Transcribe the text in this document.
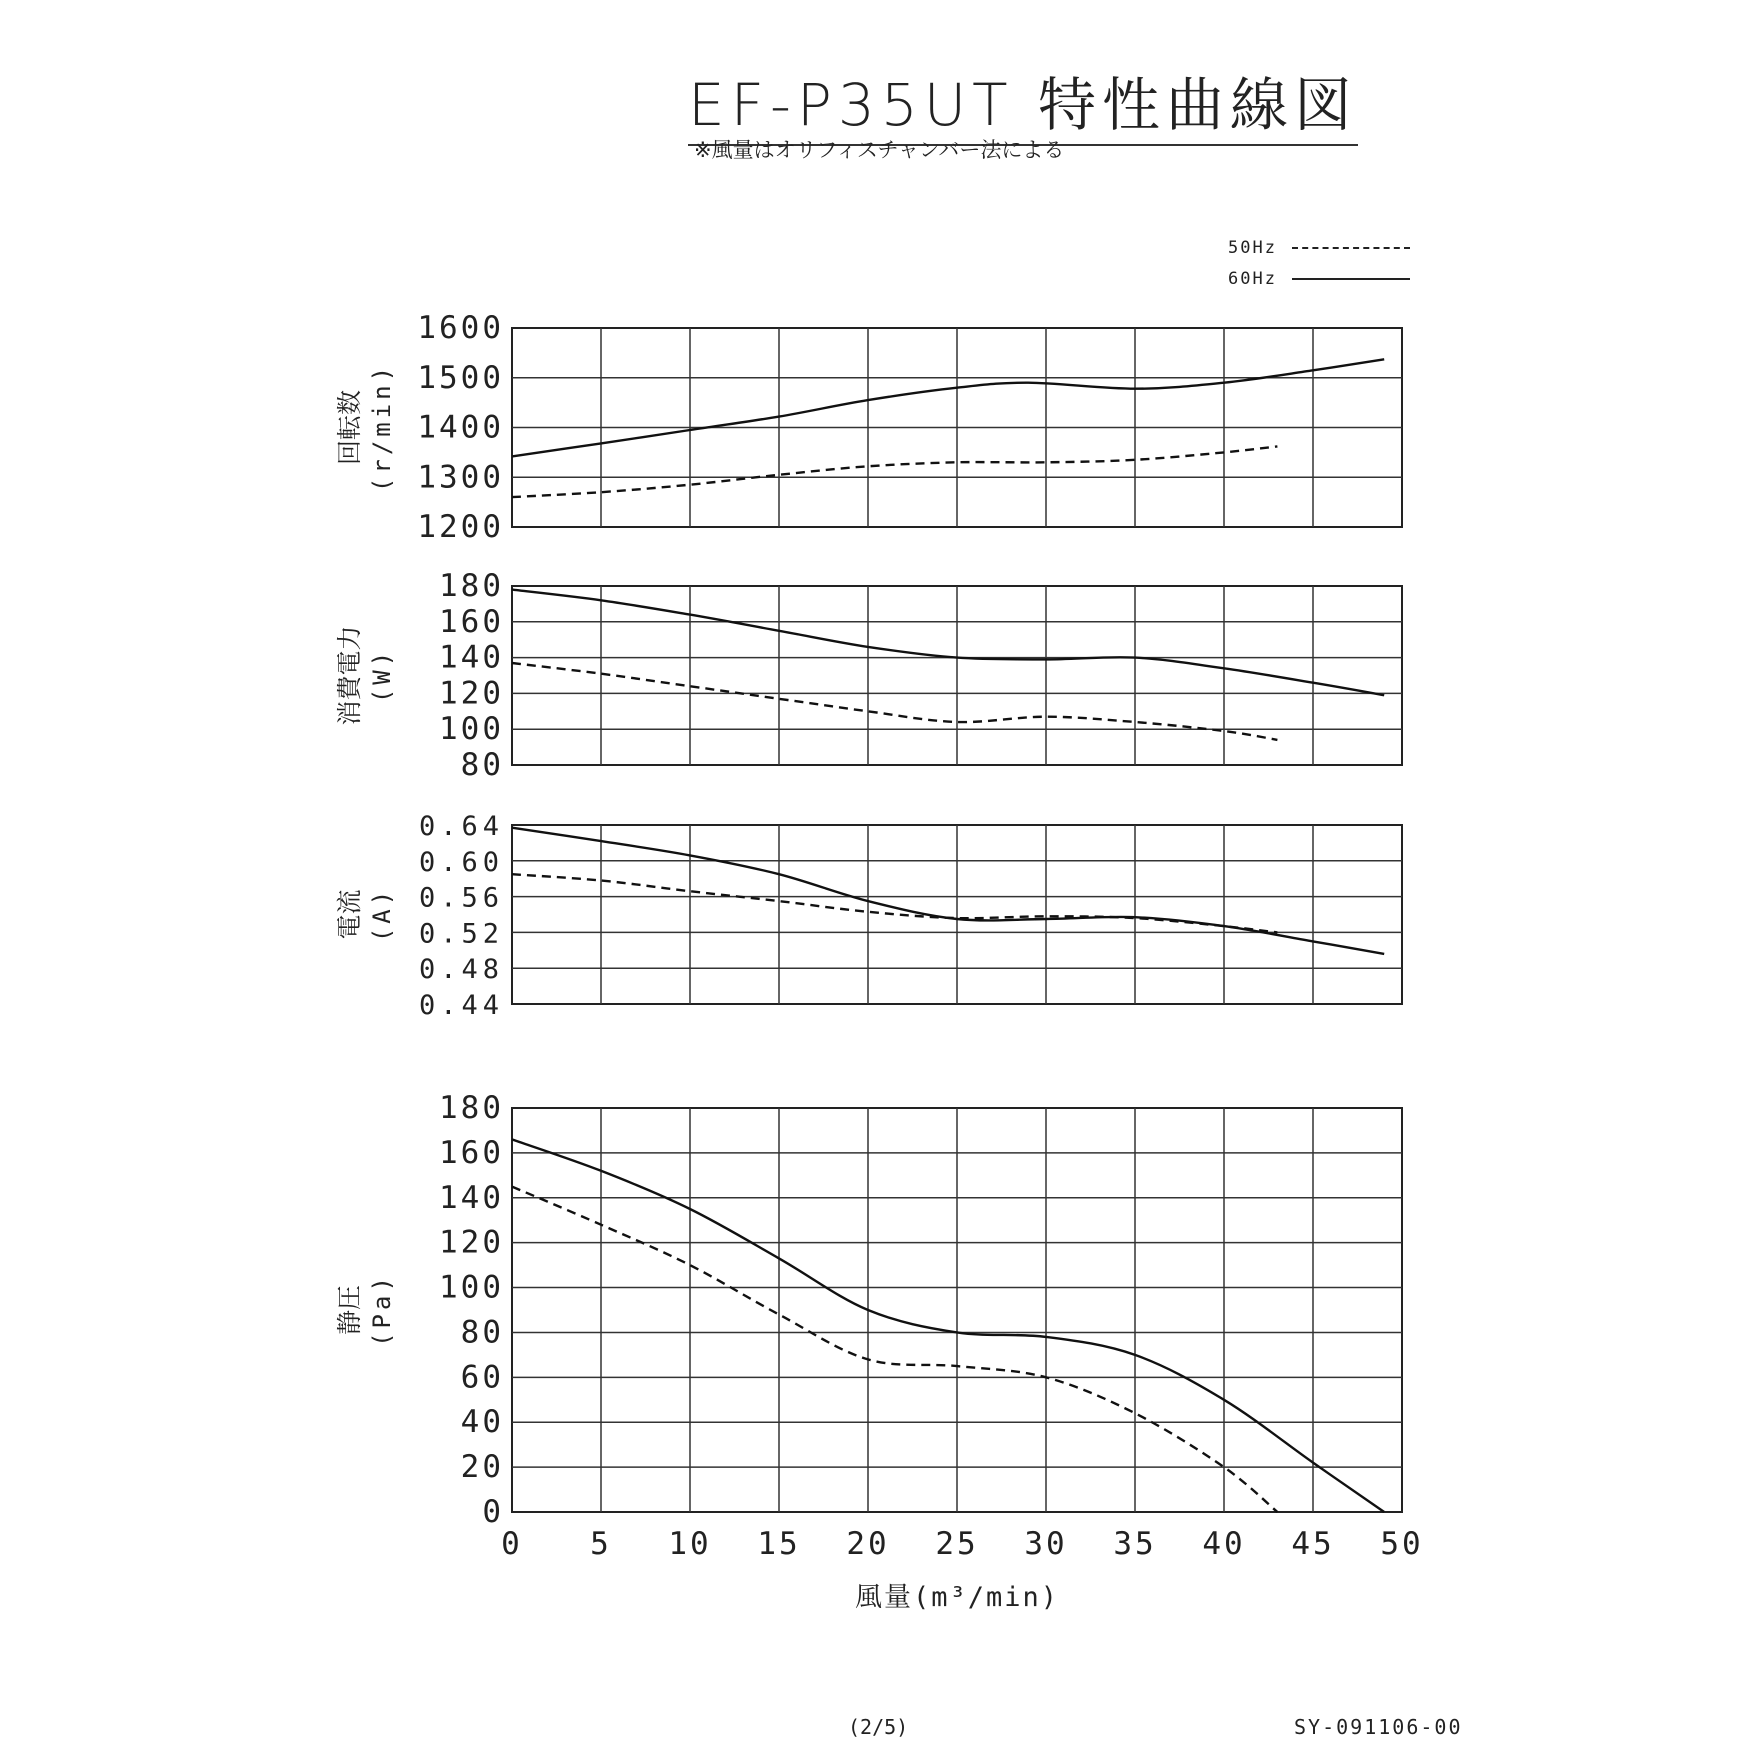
EF-P35UT 特性曲線図
※風量はオリフィスチャンバー法による
50Hz
60Hz
1200
1300
1400
1500
1600
回転数 (r/min)
80
100
120
140
160
180
消費電力 (W)
0.44
0.48
0.52
0.56
0.60
0.64
電流 (A)
0
20
40
60
80
100
120
140
160
180
静圧 (Pa)
0 5 10 15 20 25 30 35 40 45 50
風量(m³/min)
(2/5)	SY-091106-00
